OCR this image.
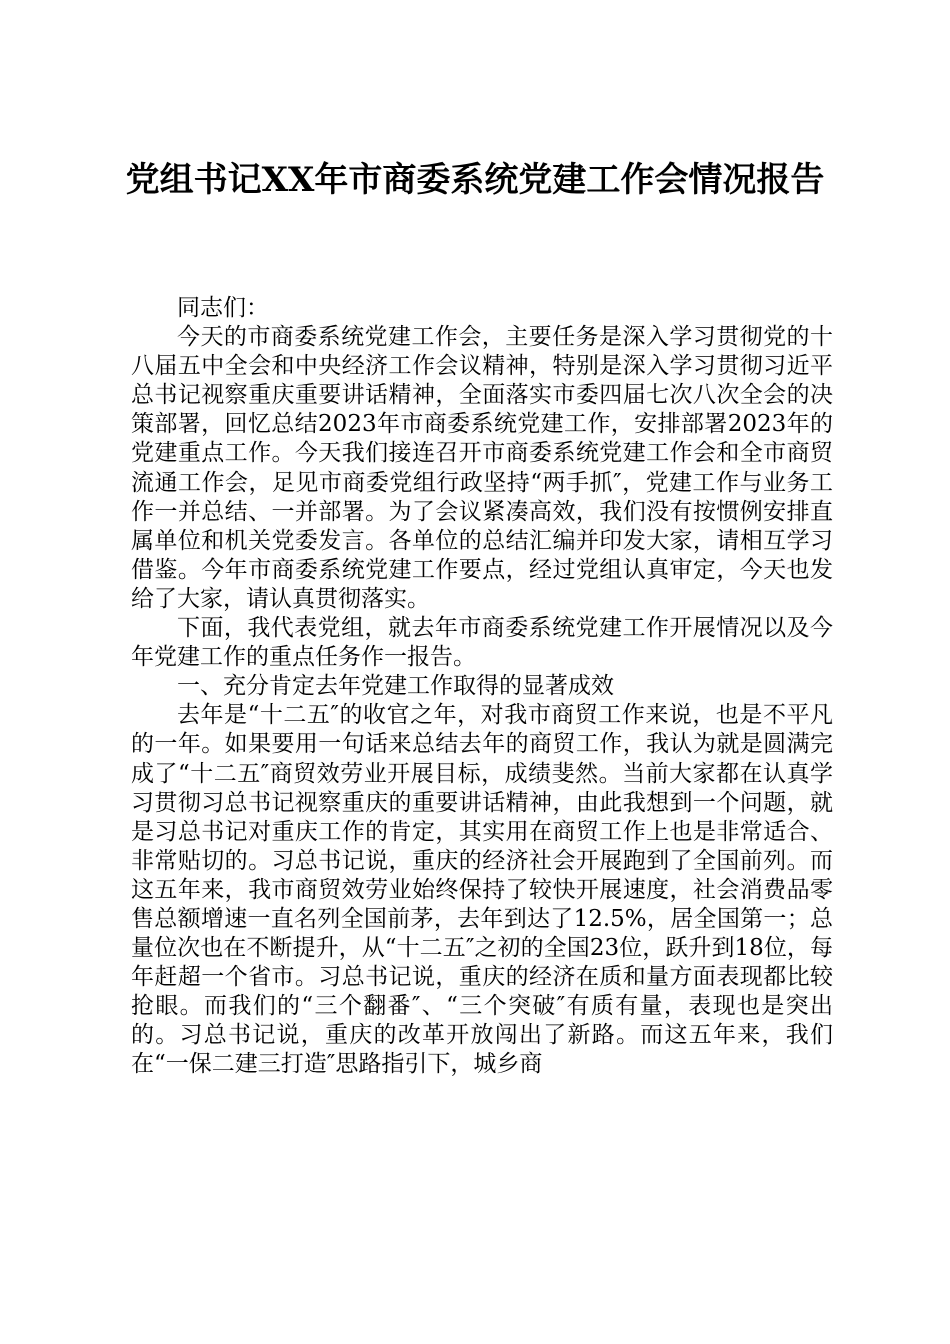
党组书记XX年市商委系统党建工作会情况报告

同志们：

今天的市商委系统党建工作会，主要任务是深入学习贯彻党的十八届五中全会和中央经济工作会议精神，特别是深入学习贯彻习近平总书记视察重庆重要讲话精神，全面落实市委四届七次八次全会的决策部署，回忆总结2023年市商委系统党建工作，安排部署2023年的党建重点工作。今天我们接连召开市商委系统党建工作会和全市商贸流通工作会，足见市商委党组行政坚持“两手抓″，党建工作与业务工作一并总结、一并部署。为了会议紧凑高效，我们没有按惯例安排直属单位和机关党委发言。各单位的总结汇编并印发大家，请相互学习借鉴。今年市商委系统党建工作要点，经过党组认真审定，今天也发给了大家，请认真贯彻落实。

下面，我代表党组，就去年市商委系统党建工作开展情况以及今年党建工作的重点任务作一报告。

一、充分肯定去年党建工作取得的显著成效

去年是“十二五″的收官之年，对我市商贸工作来说，也是不平凡的一年。如果要用一句话来总结去年的商贸工作，我认为就是圆满完成了“十二五″商贸效劳业开展目标，成绩斐然。当前大家都在认真学习贯彻习总书记视察重庆的重要讲话精神，由此我想到一个问题，就是习总书记对重庆工作的肯定，其实用在商贸工作上也是非常适合、非常贴切的。习总书记说，重庆的经济社会开展跑到了全国前列。而这五年来，我市商贸效劳业始终保持了较快开展速度，社会消费品零售总额增速一直名列全国前茅，去年到达了12.5%，居全国第一；总量位次也在不断提升，从“十二五″之初的全国23位，跃升到18位，每年赶超一个省市。习总书记说，重庆的经济在质和量方面表现都比较抢眼。而我们的“三个翻番″、“三个突破″有质有量，表现也是突出的。习总书记说，重庆的改革开放闯出了新路。而这五年来，我们在“一保二建三打造″思路指引下，城乡商
